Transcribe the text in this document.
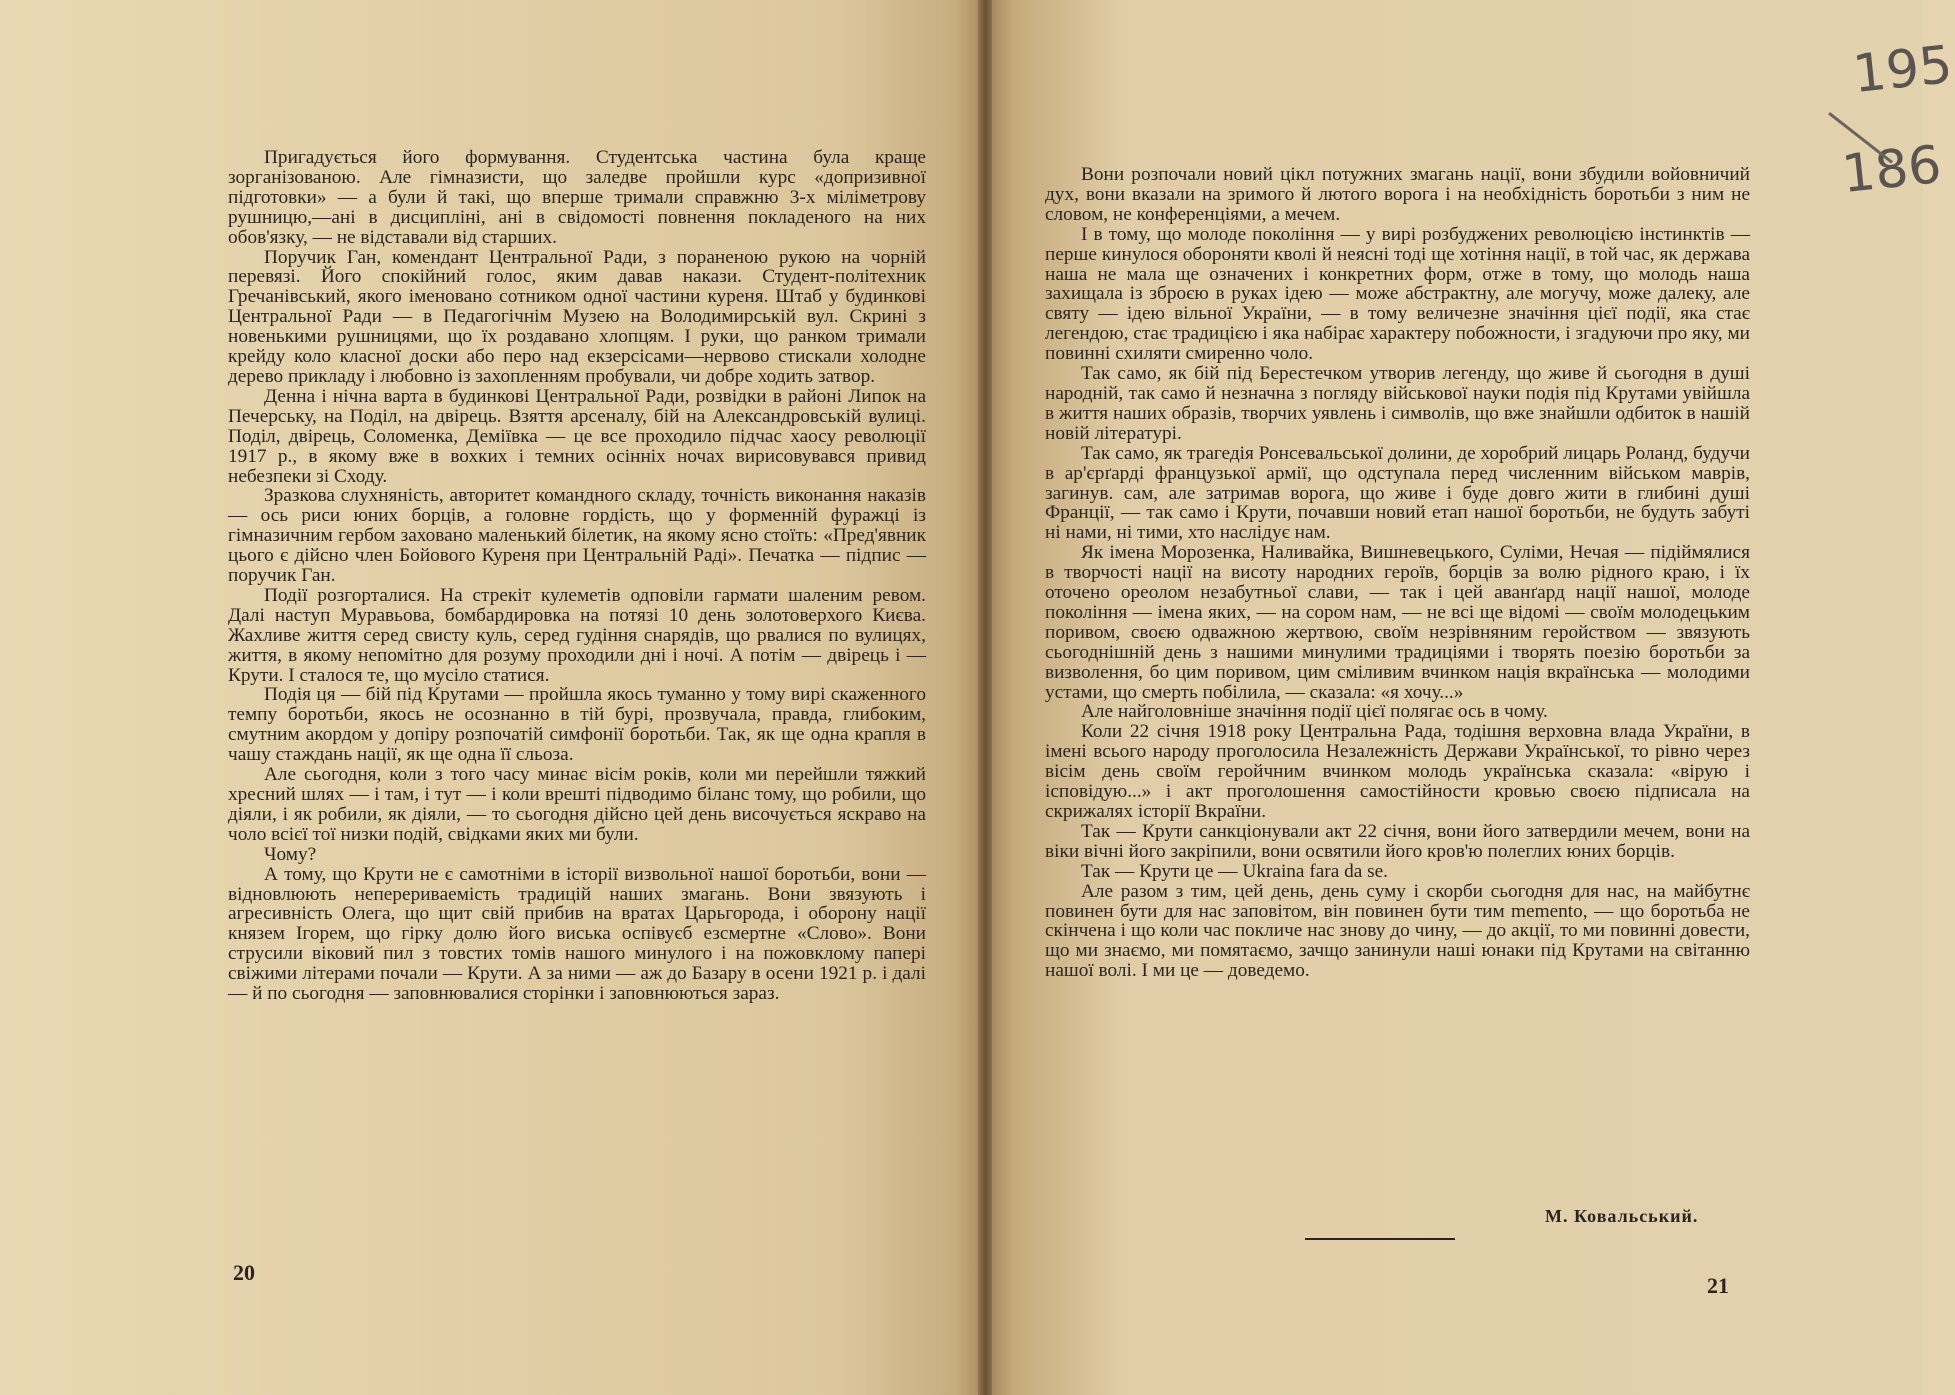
Пригадується його формування. Студентська частина була краще зорганізованою. Але гімназисти, що заледве пройшли курс «допризивної підготовки» — а були й такі, що вперше тримали справжню 3-х міліметрову рушницю,—ані в дисципліні, ані в свідомості повнення покладеного на них обов'язку, — не відставали від старших.

Поручик Ган, комендант Центральної Ради, з пораненою рукою на чорній перевязі. Його спокійний голос, яким давав накази. Студент-політехник Гречанівський, якого іменовано сотником одної частини куреня. Штаб у будинкові Центральної Ради — в Педагогічнім Музею на Володимирській вул. Скрині з новенькими рушницями, що їх роздавано хлопцям. І руки, що ранком тримали крейду коло класної доски або перо над екзерсісами—нервово стискали холодне дерево прикладу і любовно із захопленням пробували, чи добре ходить затвор.

Денна і нічна варта в будинкові Центральної Ради, розвідки в районі Липок на Печерську, на Поділ, на двірець. Взяття арсеналу, бій на Александровській вулиці. Поділ, двірець, Соломенка, Деміївка — це все проходило підчас хаосу революції 1917 р., в якому вже в вохких і темних осінніх ночах вирисовувався привид небезпеки зі Сходу.

Зразкова слухняність, авторитет командного складу, точність виконання наказів — ось риси юних борців, а головне гордість, що у форменній фуражці із гімназичним гербом заховано маленький білетик, на якому ясно стоїть: «Пред'явник цього є дійсно член Бойового Куреня при Центральній Раді». Печатка — підпис — поручик Ган.

Події розгорталися. На стрекіт кулеметів одповіли гармати шаленим ревом. Далі наступ Муравьова, бомбардировка на потязі 10 день золотоверхого Києва. Жахливе життя серед свисту куль, серед гудіння снарядів, що рвалися по вулицях, життя, в якому непомітно для розуму проходили дні і ночі. А потім — двірець і — Крути. І сталося те, що мусіло статися.

Подія ця — бій під Крутами — пройшла якось туманно у тому вирі скаженного темпу боротьби, якось не осознанно в тій бурі, прозвучала, правда, глибоким, смутним акордом у допіру розпочатій симфонії боротьби. Так, як ще одна крапля в чашу стаждань нації, як ще одна її сльоза.

Але сьогодня, коли з того часу минає вісім років, коли ми перейшли тяжкий хресний шлях — і там, і тут — і коли врешті підводимо біланс тому, що робили, що діяли, і як робили, як діяли, — то сьогодня дійсно цей день височується яскраво на чоло всієї тої низки подій, свідками яких ми були.

Чому?

А тому, що Крути не є самотніми в історії визвольної нашої боротьби, вони — відновлюють непереривaемість традицій наших змагань. Вони звязують і агресивність Олега, що щит свій прибив на вратах Царьгорода, і оборону нації князем Ігорем, що гірку долю його виська оспівуєб езсмертне «Слово». Вони струсили віковий пил з товстих томів нашого минулого і на пожовклому папері свіжими літерами почали — Крути. А за ними — аж до Базару в осени 1921 р. і далі — й по сьогодня — заповнювалися сторінки і заповнюються зараз.

20

Вони розпочали новий цікл потужних змагань нації, вони збудили войовничий дух, вони вказали на зримого й лютого ворога і на необхідність боротьби з ним не словом, не конференціями, а мечем.

І в тому, що молоде покоління — у вирі розбуджених революцією інстинктів — перше кинулося обороняти кволі й неясні тоді ще хотіння нації, в той час, як держава наша не мала ще означених і конкретних форм, отже в тому, що молодь наша захищала із зброєю в руках ідею — може абстрактну, але могучу, може далеку, але святу — ідею вільної України, — в тому величезне значіння цієї події, яка стає легендою, стає традицією і яка набірає характеру побожности, і згадуючи про яку, ми повинні схиляти смиренно чоло.

Так само, як бій під Берестечком утворив легенду, що живе й сьогодня в душі народній, так само й незначна з погляду військової науки подія під Крутами увійшла в життя наших образів, творчих уявлень і символів, що вже знайшли одбиток в нашій новій літературі.

Так само, як трагедія Ронсевальської долини, де хоробрий лицарь Роланд, будучи в ар'єрґарді французької армії, що одступала перед численним військом маврів, загинув. сам, але затримав ворога, що живе і буде довго жити в глибині душі Франції, — так само і Крути, почавши новий етап нашої боротьби, не будуть забуті ні нами, ні тими, хто наслідує нам.

Як імена Морозенка, Наливайка, Вишневецького, Суліми, Нечая — підіймялися в творчості нації на висоту народних героїв, борців за волю рідного краю, і їх оточено ореолом незабутньої слави, — так і цей аванґард нації нашої, молоде покоління — імена яких, — на сором нам, — не всі ще відомі — своїм молодецьким поривом, своєю одважною жертвою, своїм незрівняним геройством — звязують сьогоднішній день з нашими минулими традиціями і творять поезію боротьби за визволення, бо цим поривом, цим сміливим вчинком нація вкраїнська — молодими устами, що смерть побілила, — сказала: «я хочу...»

Але найголовніше значіння події цієї полягає ось в чому.

Коли 22 січня 1918 року Центральна Рада, тодішня верховна влада України, в імені всього народу проголосила Незалежність Держави Української, то рівно через вісім день своїм геройчним вчинком молодь українська сказала: «вірую і ісповідую...» і акт проголошення самостійности кровью своєю підписала на скрижалях історії Вкраїни.

Так — Крути санкціонували акт 22 січня, вони його затвердили мечем, вони на віки вічні його закріпили, вони освятили його кров'ю полеглих юних борців.

Так — Крути це — Ukraina fara da se.

Але разом з тим, цей день, день суму і скорби сьогодня для нас, на майбутнє повинен бути для нас заповітом, він повинен бути тим memento, — що боротьба не скінчена і що коли час покличе нас знову до чину, — до акції, то ми повинні довести, що ми знаємо, ми помятаємо, зачщо занинули наші юнаки під Крутами на світанню нашої волі. І ми це — доведемо.

М. Ковальський.
21
195
186
